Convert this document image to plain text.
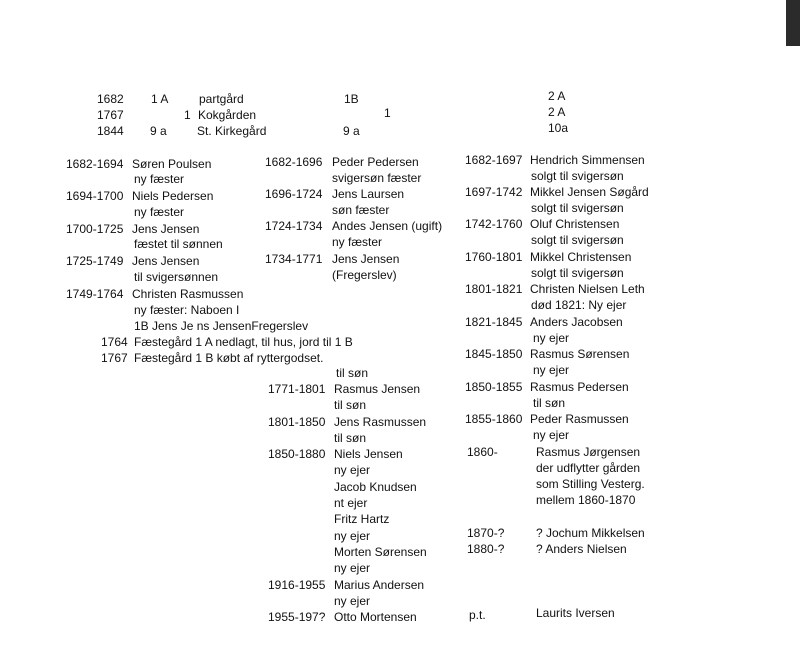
1682 1 A	partgård	1B	2 A
1767	1 Kokgården	1	2 A
1844 9 a	St. Kirkegård	9 a	10a
1682-1694 Søren Poulsen
ny fæster
1694-1700 Niels Pedersen
ny fæster
1700-1725 Jens Jensen
fæstet til sønnen
1725-1749 Jens Jensen
til svigersønnen
1749-1764 Christen Rasmussen
ny fæster: Naboen I
1B Jens Je ns JensenFregerslev
1764 Fæstegård 1 A nedlagt, til hus, jord til 1 B
1767 Fæstegård 1 B købt af ryttergodset.
1682-1696 Peder Pedersen
svigersøn fæster
1696-1724 Jens Laursen
søn fæster
1724-1734 Andes Jensen (ugift)
ny fæster
1734-1771 Jens Jensen
(Fregerslev)
til søn
1771-1801 Rasmus Jensen
til søn
1801-1850 Jens Rasmussen
til søn
1850-1880 Niels Jensen
ny ejer
Jacob Knudsen
nt ejer
Fritz Hartz
ny ejer
Morten Sørensen
ny ejer
1916-1955 Marius Andersen
ny ejer
1955-197? Otto Mortensen
1682-1697 Hendrich Simmensen
solgt til svigersøn
1697-1742 Mikkel Jensen Søgård
solgt til svigersøn
1742-1760 Oluf Christensen
solgt til svigersøn
1760-1801 Mikkel Christensen
solgt til svigersøn
1801-1821 Christen Nielsen Leth
død 1821: Ny ejer
1821-1845 Anders Jacobsen
ny ejer
1845-1850 Rasmus Sørensen
ny ejer
1850-1855 Rasmus Pedersen
til søn
1855-1860 Peder Rasmussen
ny ejer
1860-	Rasmus Jørgensen
der udflytter gården
som Stilling Vesterg.
mellem 1860-1870
1870-?	? Jochum Mikkelsen
1880-?	? Anders Nielsen
p.t.	Laurits Iversen
